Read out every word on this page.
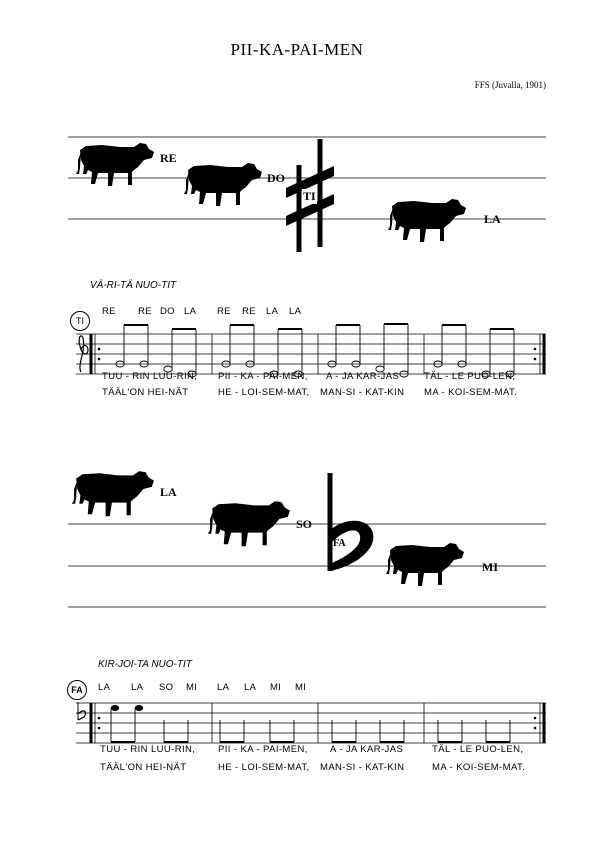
PII-KA-PAI-MEN
FFS (Juvalla, 1901)
RE
DO
TI
LA
VÄ-RI-TÄ NUO-TIT
TI
RE RE DO LA RE RE LA LA
TUU - RIN LUU-RIN, PII - KA - PAI-MEN, A - JA KAR-JAS	TÄL - LE PUO-LEN,
TÄÄL'ON HEI-NÄT	HE - LOI-SEM-MAT, MAN-SI - KAT-KIN MA - KOI-SEM-MAT.
LA
SO
FA
MI
KIR-JOI-TA NUO-TIT
FA	LA LA SO MI LA LA MI MI
TUU - RIN LUU-RIN, PII - KA - PAI-MEN, A - JA KAR-JAS	TÄL - LE PUO-LEN,
TÄÄL'ON HEI-NÄT	HE - LOI-SEM-MAT, MAN-SI - KAT-KIN	MA - KOI-SEM-MAT.
